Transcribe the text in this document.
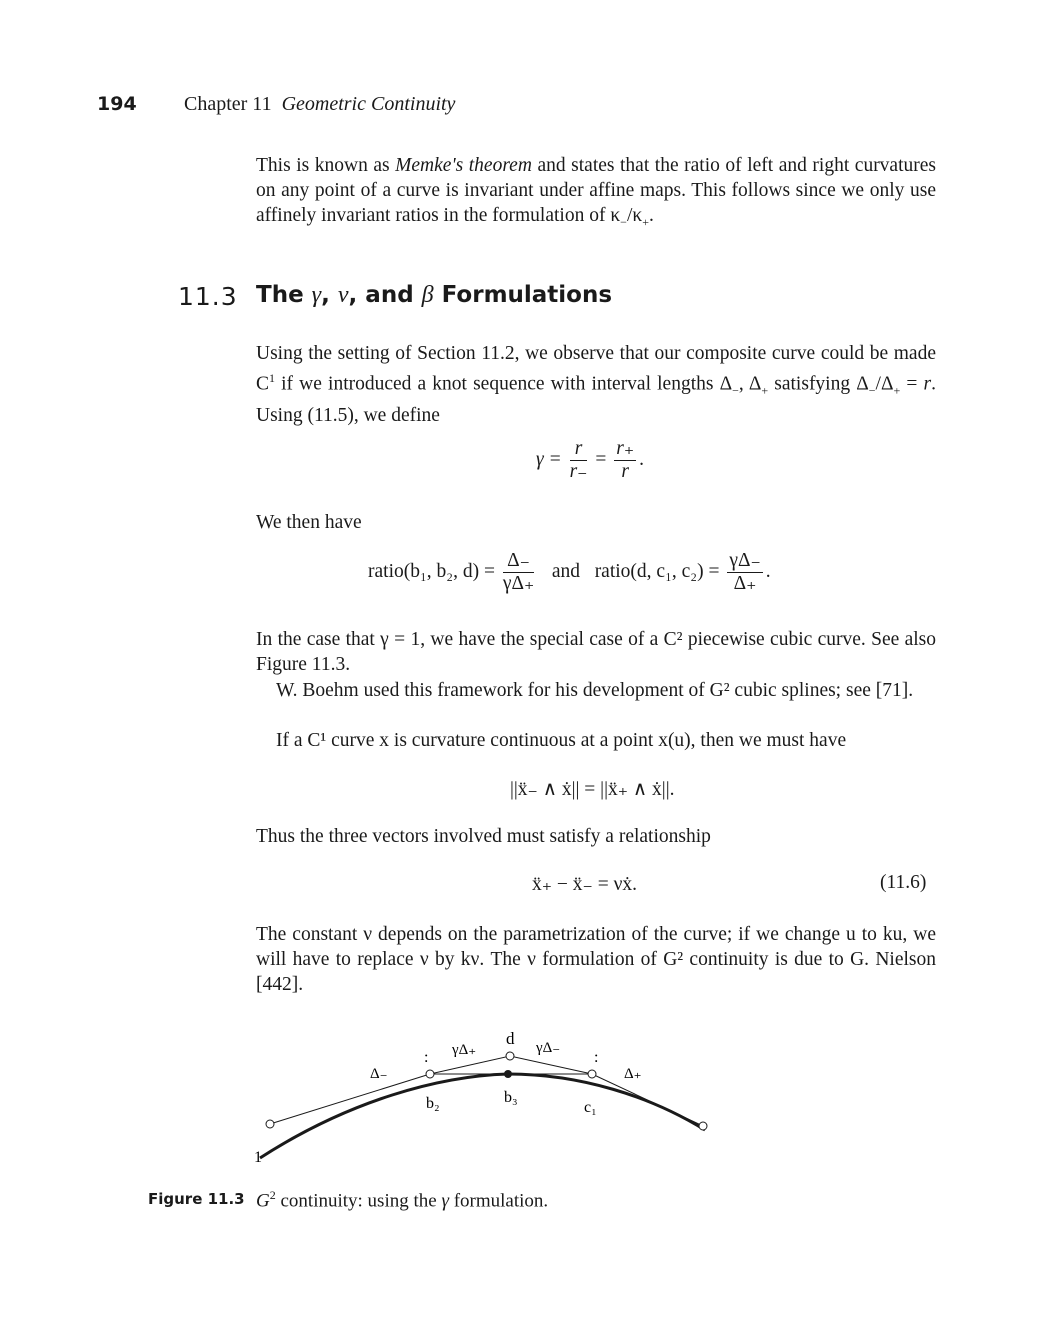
194 Chapter 11 Geometric Continuity
This is known as Memke's theorem and states that the ratio of left and right curvatures on any point of a curve is invariant under affine maps. This follows since we only use affinely invariant ratios in the formulation of $\kappa_-/\kappa_+$.
11.3 The γ, ν, and β Formulations
Using the setting of Section 11.2, we observe that our composite curve could be made $C^1$ if we introduced a knot sequence with interval lengths $\Delta_-$, $\Delta_+$ satisfying $\Delta_-/\Delta_+ = r$. Using (11.5), we define
$\gamma = \frac{r}{r_-} = \frac{r_+}{r}$ .
We then have
ratio(b₁, b₂, $d) = \frac{\Delta_-}{\gamma\Delta_+}$ and ratio(d, c₁, $c_2) = \frac{\gamma\Delta_-}{\Delta_+}$ .
In the case that γ = 1, we have the special case of a C² piecewise cubic curve. See also Figure 11.3.
W. Boehm used this framework for his development of G² cubic splines; see [71].
If a C¹ curve x is curvature continuous at a point x(u), then we must have
||ẍ₋ ∧ ẋ|| = ||ẍ₊ ∧ ẋ||.
Thus the three vectors involved must satisfy a relationship
ẍ₊ − ẍ₋ = νẋ.	(11.6)
The constant ν depends on the parametrization of the curve; if we change u to ku, we will have to replace ν by kν. The ν formulation of G² continuity is due to G. Nielson [442].
Δ₋
: γΔ₊
d γΔ₋
:
Δ₊
b₂	b₃
c₁
1
Figure 11.3 $G^2$ continuity: using the γ formulation.
